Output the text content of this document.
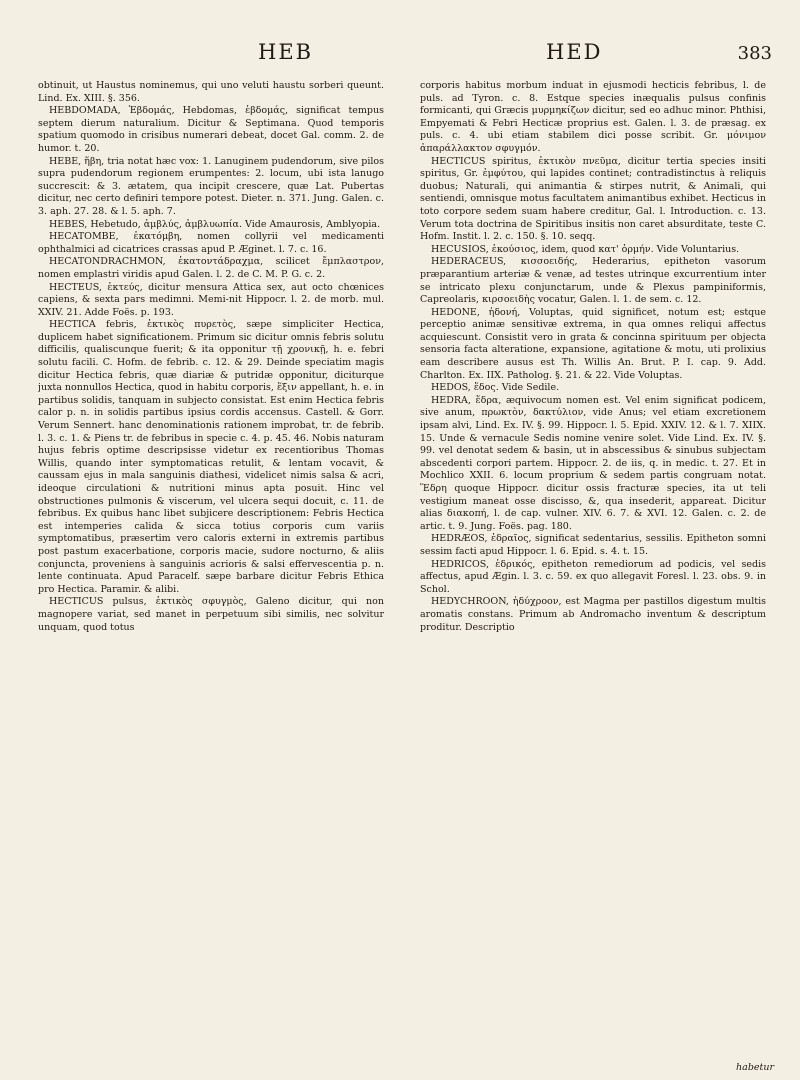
HEB	HED	383

obtinuit, ut Haustus nominemus, qui uno veluti haustu sorberi queunt. Lind. Ex. XIII. §. 356.

HEBDOMADA, Ἑβδομάς, Hebdomas, ἑβδομάς, significat tempus septem dierum naturalium. Dicitur & Septimana. Quod temporis spatium quomodo in crisibus numerari debeat, docet Gal. comm. 2. de humor. t. 20.

HEBE, ἥβη, tria notat hæc vox: 1. Lanuginem pudendorum, sive pilos supra pudendorum regionem erumpentes: 2. locum, ubi ista lanugo succrescit: & 3. ætatem, qua incipit crescere, quæ Lat. Pubertas dicitur, nec certo definiri tempore potest. Dieter. n. 371. Jung. Galen. c. 3. aph. 27. 28. & l. 5. aph. 7.

HEBES, Hebetudo, ἀμβλύς, ἀμβλυωπία. Vide Amaurosis, Amblyopia.

HECATOMBE, ἑκατόμβη, nomen collyrii vel medicamenti ophthalmici ad cicatrices crassas apud P. Æginet. l. 7. c. 16.

HECATONDRACHMON, ἑκατοντάδραχμα, scilicet ἔμπλαστρον, nomen emplastri viridis apud Galen. l. 2. de C. M. P. G. c. 2.

HECTEUS, ἑκτεύς, dicitur mensura Attica sex, aut octo chœnices capiens, & sexta pars medimni. Memi-nit Hippocr. l. 2. de morb. mul. XXIV. 21. Adde Foës. p. 193.

HECTICA febris, ἑκτικὸς πυρετὸς, sæpe simpliciter Hectica, duplicem habet significationem. Primum sic dicitur omnis febris solutu difficilis, qualiscunque fuerit; & ita opponitur τῇ χρονικῇ, h. e. febri solutu facili. C. Hofm. de febrib. c. 12. & 29. Deinde speciatim magis dicitur Hectica febris, quæ diariæ & putridæ opponitur, diciturque juxta nonnullos Hectica, quod in habitu corporis, ἕξιν appellant, h. e. in partibus solidis, tanquam in subjecto consistat. Est enim Hectica febris calor p. n. in solidis partibus ipsius cordis accensus. Castell. & Gorr. Verum Sennert. hanc denominationis rationem improbat, tr. de febrib. l. 3. c. 1. & Piens tr. de febribus in specie c. 4. p. 45. 46. Nobis naturam hujus febris optime descripsisse videtur ex recentioribus Thomas Willis, quando inter symptomaticas retulit, & lentam vocavit, & caussam ejus in mala sanguinis diathesi, videlicet nimis salsa & acri, ideoque circulationi & nutritioni minus apta posuit. Hinc vel obstructiones pulmonis & viscerum, vel ulcera sequi docuit, c. 11. de febribus. Ex quibus hanc libet subjicere descriptionem: Febris Hectica est intemperies calida & sicca totius corporis cum variis symptomatibus, præsertim vero caloris externi in extremis partibus post pastum exacerbatione, corporis macie, sudore nocturno, & aliis conjuncta, proveniens à sanguinis acrioris & salsi effervescentia p. n. lente continuata. Apud Paracelf. sæpe barbare dicitur Febris Ethica pro Hectica. Paramir. & alibi.

HECTICUS pulsus, ἑκτικὸς σφυγμὸς, Galeno dicitur, qui non magnopere variat, sed manet in perpetuum sibi similis, nec solvitur unquam, quod totus

corporis habitus morbum induat in ejusmodi hecticis febribus, l. de puls. ad Tyron. c. 8. Estque species inæqualis pulsus confinis formicanti, qui Græcis μυρμηκίζων dicitur, sed eo adhuc minor. Phthisi, Empyemati & Febri Hecticæ proprius est. Galen. l. 3. de præsag. ex puls. c. 4. ubi etiam stabilem dici posse scribit. Gr. μόνιμον ἀπαράλλακτον σφυγμόν.

HECTICUS spiritus, ἑκτικὸν πνεῦμα, dicitur tertia species insiti spiritus, Gr. ἐμφύτου, qui lapides continet; contradistinctus à reliquis duobus; Naturali, qui animantia & stirpes nutrit, & Animali, qui sentiendi, omnisque motus facultatem animantibus exhibet. Hecticus in toto corpore sedem suam habere creditur, Gal. l. Introduction. c. 13. Verum tota doctrina de Spiritibus insitis non caret absurditate, teste C. Hofm. Instit. l. 2. c. 150. §. 10. seqq.

HECUSIOS, ἑκούσιος, idem, quod κατ' ὁρμήν. Vide Voluntarius.

HEDERACEUS, κισσοειδής, Hederarius, epitheton vasorum præparantium arteriæ & venæ, ad testes utrinque excurrentium inter se intricato plexu conjunctarum, unde & Plexus pampiniformis, Capreolaris, κιρσοειδὴς vocatur, Galen. l. 1. de sem. c. 12.

HEDONE, ἡδονή, Voluptas, quid significet, notum est; estque perceptio animæ sensitivæ extrema, in qua omnes reliqui affectus acquiescunt. Consistit vero in grata & concinna spirituum per objecta sensoria facta alteratione, expansione, agitatione & motu, uti prolixius eam describere ausus est Th. Willis An. Brut. P. I. cap. 9. Add. Charlton. Ex. IIX. Patholog. §. 21. & 22. Vide Voluptas.

HEDOS, ἕδος. Vide Sedile.

HEDRA, ἕδρα, æquivocum nomen est. Vel enim significat podicem, sive anum, πρωκτὸν, δακτύλιον, vide Anus; vel etiam excretionem ipsam alvi, Lind. Ex. IV. §. 99. Hippocr. l. 5. Epid. XXIV. 12. & l. 7. XIIX. 15. Unde & vernacule Sedis nomine venire solet. Vide Lind. Ex. IV. §. 99. vel denotat sedem & basin, ut in abscessibus & sinubus subjectam abscedenti corpori partem. Hippocr. 2. de iis, q. in medic. t. 27. Et in Mochlico XXII. 6. locum proprium & sedem partis congruam notat. Ἕδρη quoque Hippocr. dicitur ossis fracturæ species, ita ut teli vestigium maneat osse discisso, &, qua insederit, appareat. Dicitur alias διακοπή, l. de cap. vulner. XIV. 6. 7. & XVI. 12. Galen. c. 2. de artic. t. 9. Jung. Foës. pag. 180.

HEDRÆOS, ἑδραῖος, significat sedentarius, sessilis. Epitheton somni sessim facti apud Hippocr. l. 6. Epid. s. 4. t. 15.

HEDRICOS, ἑδρικός, epitheton remediorum ad podicis, vel sedis affectus, apud Ægin. l. 3. c. 59. ex quo allegavit Foresl. l. 23. obs. 9. in Schol.

HEDYCHROON, ἡδύχροον, est Magma per pastillos digestum multis aromatis constans. Primum ab Andromacho inventum & descriptum proditur. Descriptio

habetur
